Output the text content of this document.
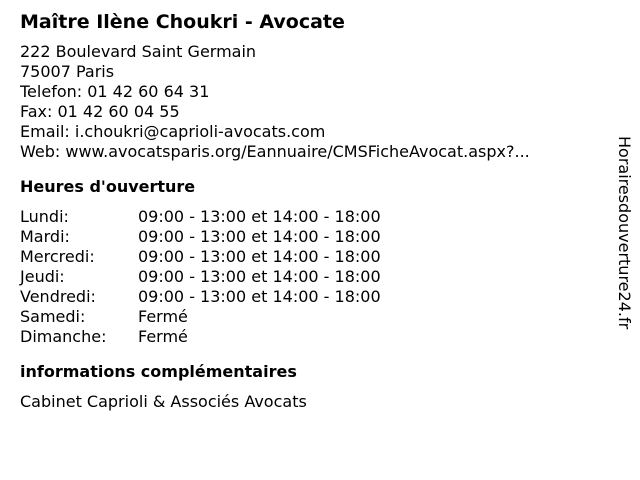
Maître Ilène Choukri - Avocate
222 Boulevard Saint Germain
75007 Paris
Telefon: 01 42 60 64 31
Fax: 01 42 60 04 55
Email: i.choukri@caprioli-avocats.com
Web: www.avocatsparis.org/Eannuaire/CMSFicheAvocat.aspx?...
Heures d'ouverture
Lundi:	09:00 - 13:00 et 14:00 - 18:00
Mardi:	09:00 - 13:00 et 14:00 - 18:00
Mercredi:	09:00 - 13:00 et 14:00 - 18:00
Jeudi:	09:00 - 13:00 et 14:00 - 18:00
Vendredi:	09:00 - 13:00 et 14:00 - 18:00
Samedi:	Fermé
Dimanche: Fermé
informations complémentaires
Cabinet Caprioli & Associés Avocats
Horairesdouverture24.fr
